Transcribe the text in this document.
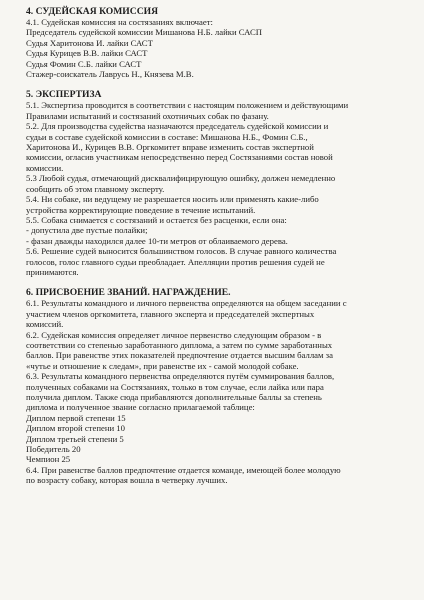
4. СУДЕЙСКАЯ КОМИССИЯ
4.1. Судейская комиссия на состязаниях включает:
Председатель судейской комиссии Мишанова Н.Б. лайки САСП
Судья Харитонова И. лайки САСТ
Судья Курицев В.В. лайки САСТ
Судья Фомин С.Б. лайки САСТ
Стажер-соискатель Лаврусь Н., Князева М.В.
5. ЭКСПЕРТИЗА
5.1. Экспертиза проводится в соответствии с настоящим положением и действующими
Правилами испытаний и состязаний охотничьих собак по фазану.
5.2. Для производства судейства назначаются председатель судейской комиссии и
судьи в составе судейской комиссии в составе: Мишанова Н.Б., Фомин С.Б.,
Харитонова И., Курицев В.В. Оргкомитет вправе изменить состав экспертной
комиссии, огласив участникам непосредственно перед Состязаниями состав новой
комиссии.
5.3 Любой судья, отмечающий дисквалифицирующую ошибку, должен немедленно
сообщить об этом главному эксперту.
5.4. Ни собаке, ни ведущему не разрешается носить или применять какие-либо
устройства корректирующие поведение в течение испытаний.
5.5. Собака снимается с состязаний и остается без расценки, если она:
- допустила две пустые полайки;
- фазан дважды находился далее 10-ти метров от облаиваемого дерева.
5.6. Решение судей выносится большинством голосов. В случае равного количества
голосов, голос главного судьи преобладает. Апелляции против решения судей не
принимаются.
6. ПРИСВОЕНИЕ ЗВАНИЙ. НАГРАЖДЕНИЕ.
6.1. Результаты командного и личного первенства определяются на общем заседании с
участием членов оргкомитета, главного эксперта и председателей экспертных
комиссий.
6.2. Судейская комиссия определяет личное первенство следующим образом - в
соответствии со степенью заработанного диплома, а затем по сумме заработанных
баллов. При равенстве этих показателей предпочтение отдается высшим баллам за
«чутье и отношение к следам», при равенстве их - самой молодой собаке.
6.3. Результаты командного первенства определяются путём суммирования баллов,
полученных собаками на Состязаниях, только в том случае, если лайка или пара
получила диплом. Также сюда прибавляются дополнительные баллы за степень
диплома и полученное звание согласно прилагаемой таблице:
Диплом первой степени 15
Диплом второй степени 10
Диплом третьей степени 5
Победитель 20
Чемпион 25
6.4. При равенстве баллов предпочтение отдается команде, имеющей более молодую
по возрасту собаку, которая вошла в четверку лучших.
